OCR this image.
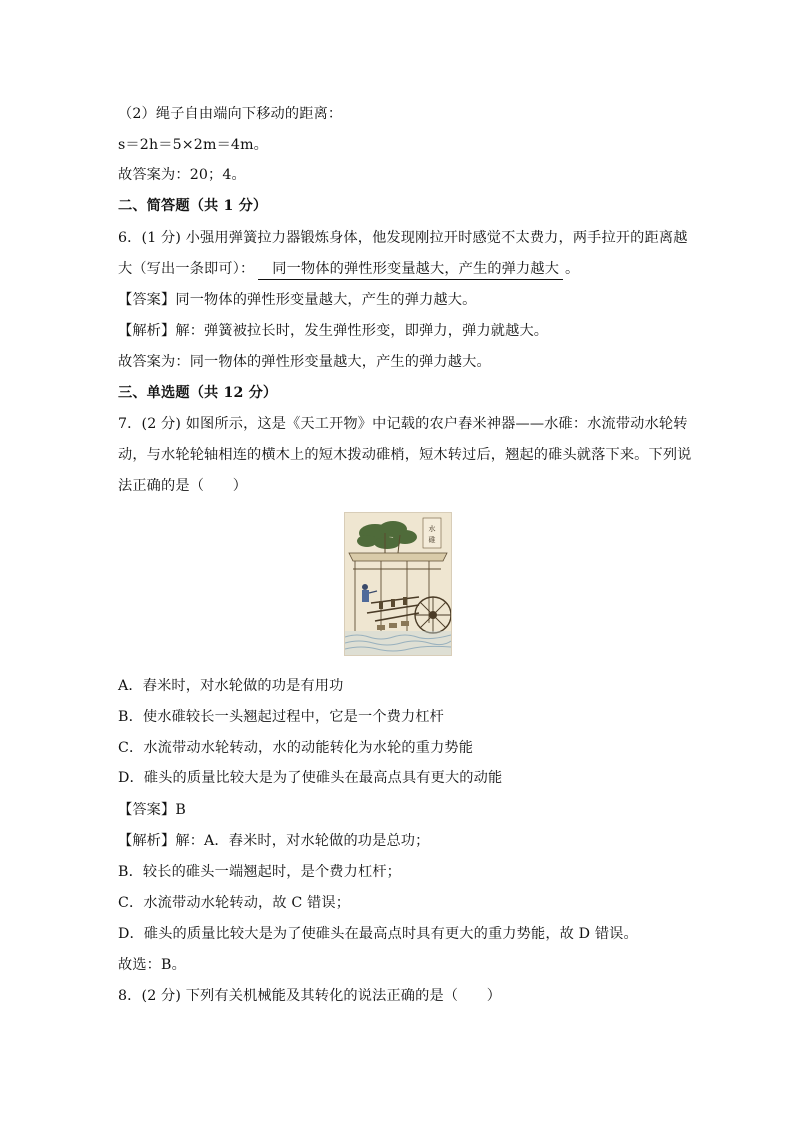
（2）绳子自由端向下移动的距离：
s＝2h＝5×2m＝4m。
故答案为：20；4。
二、简答题（共 1 分）
6．(1 分) 小强用弹簧拉力器锻炼身体，他发现刚拉开时感觉不太费力，两手拉开的距离越
大（写出一条即可）： 同一物体的弹性形变量越大，产生的弹力越大 。
【答案】同一物体的弹性形变量越大，产生的弹力越大。
【解析】解：弹簧被拉长时，发生弹性形变，即弹力，弹力就越大。
故答案为：同一物体的弹性形变量越大，产生的弹力越大。
三、单选题（共 12 分）
7．(2 分) 如图所示，这是《天工开物》中记载的农户舂米神器——水碓：水流带动水轮转
动，与水轮轮轴相连的横木上的短木拨动碓梢，短木转过后，翘起的碓头就落下来。下列说
法正确的是（　　）
水
碓
A．舂米时，对水轮做的功是有用功
B．使水碓较长一头翘起过程中，它是一个费力杠杆
C．水流带动水轮转动，水的动能转化为水轮的重力势能
D．碓头的质量比较大是为了使碓头在最高点具有更大的动能
【答案】B
【解析】解：A．舂米时，对水轮做的功是总功；
B．较长的碓头一端翘起时，是个费力杠杆；
C．水流带动水轮转动，故 C 错误；
D．碓头的质量比较大是为了使碓头在最高点时具有更大的重力势能，故 D 错误。
故选：B。
8．(2 分) 下列有关机械能及其转化的说法正确的是（　　）
